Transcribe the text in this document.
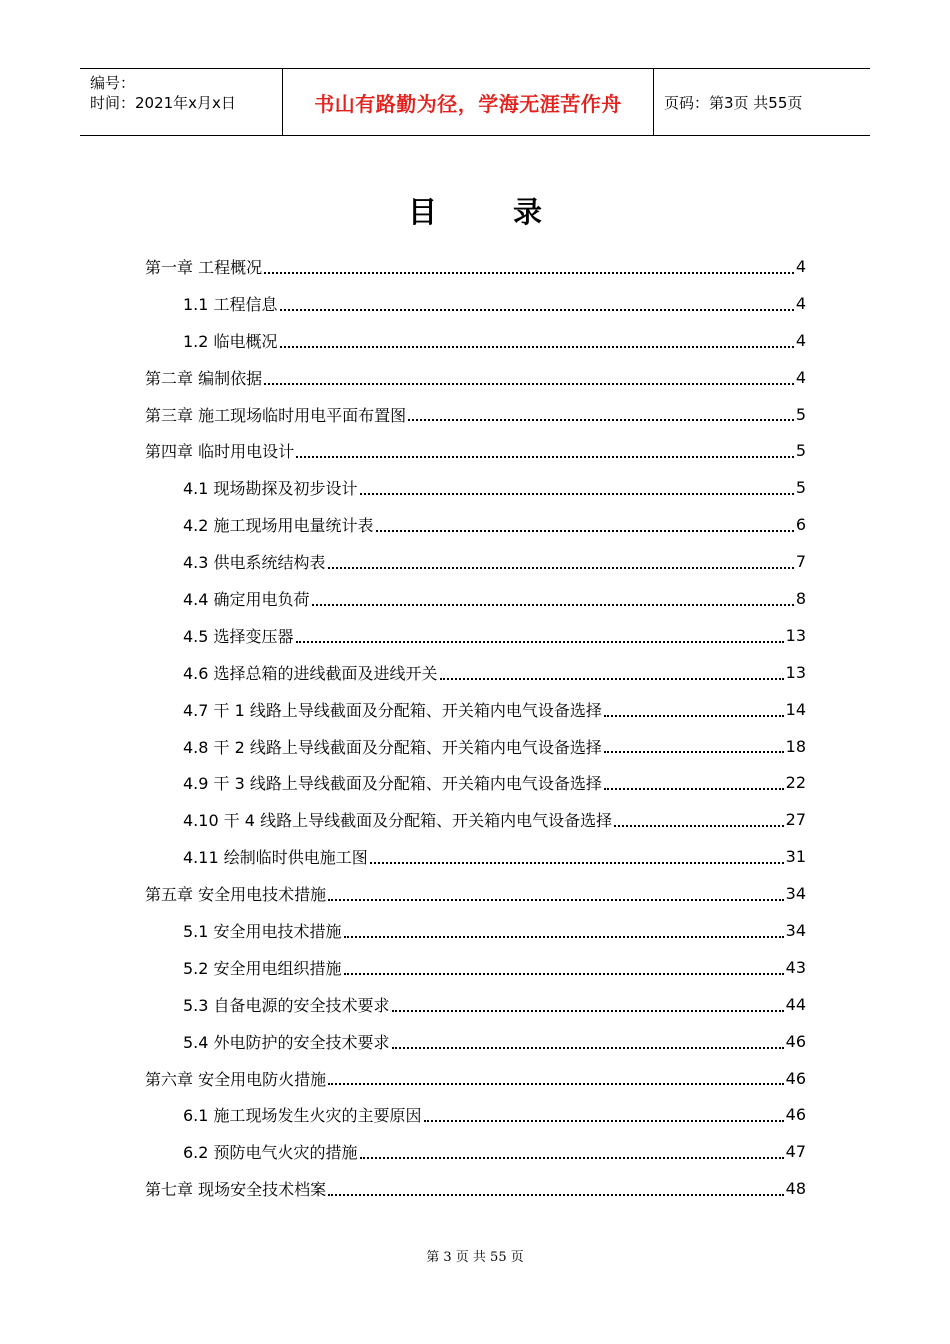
编号：
时间：2021年x月x日	书山有路勤为径，学海无涯苦作舟	页码：第3页 共55页
目录
第一章 工程概况	4
1.1 工程信息	4
1.2 临电概况	4
第二章 编制依据	4
第三章 施工现场临时用电平面布置图	5
第四章 临时用电设计	5
4.1 现场勘探及初步设计	5
4.2 施工现场用电量统计表	6
4.3 供电系统结构表	7
4.4 确定用电负荷	8
4.5 选择变压器	13
4.6 选择总箱的进线截面及进线开关	13
4.7 干 1 线路上导线截面及分配箱、开关箱内电气设备选择	14
4.8 干 2 线路上导线截面及分配箱、开关箱内电气设备选择	18
4.9 干 3 线路上导线截面及分配箱、开关箱内电气设备选择	22
4.10 干 4 线路上导线截面及分配箱、开关箱内电气设备选择	27
4.11 绘制临时供电施工图	31
第五章 安全用电技术措施	34
5.1 安全用电技术措施	34
5.2 安全用电组织措施	43
5.3 自备电源的安全技术要求	44
5.4 外电防护的安全技术要求	46
第六章 安全用电防火措施	46
6.1 施工现场发生火灾的主要原因	46
6.2 预防电气火灾的措施	47
第七章 现场安全技术档案	48
第 3 页 共 55 页
